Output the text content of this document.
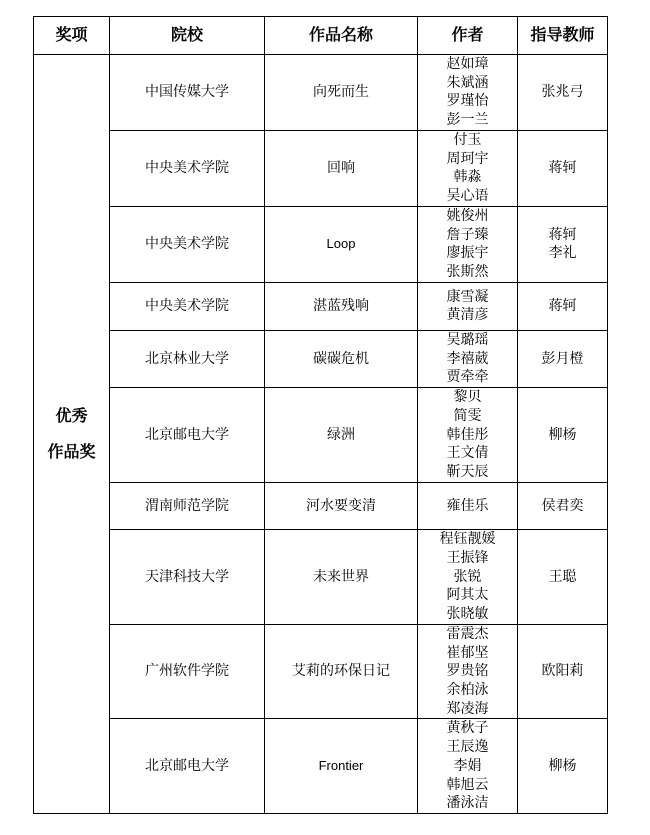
奖项	院校	作品名称	作者	指导教师

优秀
作品奖	中国传媒大学	向死而生	赵如璋
朱斌涵
罗瑾怡
彭一兰	张兆弓

	中央美术学院	回响	付玉
周珂宇
韩淼
吴心语	蒋轲

	中央美术学院	Loop	姚俊州
詹子臻
廖振宇
张斯然	蒋轲
李礼

	中央美术学院	湛蓝残响	康雪凝
黄清彦	蒋轲

	北京林业大学	碳碳危机	吴璐瑶
李禧葳
贾牵牵	彭月橙

	北京邮电大学	绿洲	黎贝
简雯
韩佳彤
王文倩
靳天辰	柳杨

	渭南师范学院	河水要变清	雍佳乐	侯君奕

	天津科技大学	未来世界	程钰靓媛
王振锋
张锐
阿其太
张晓敏	王聪

	广州软件学院	艾莉的环保日记	雷震杰
崔郁坚
罗贵铭
余柏泳
郑凌海	欧阳莉

	北京邮电大学	Frontier	黄秋子
王辰逸
李娟
韩旭云
潘泳洁	柳杨
